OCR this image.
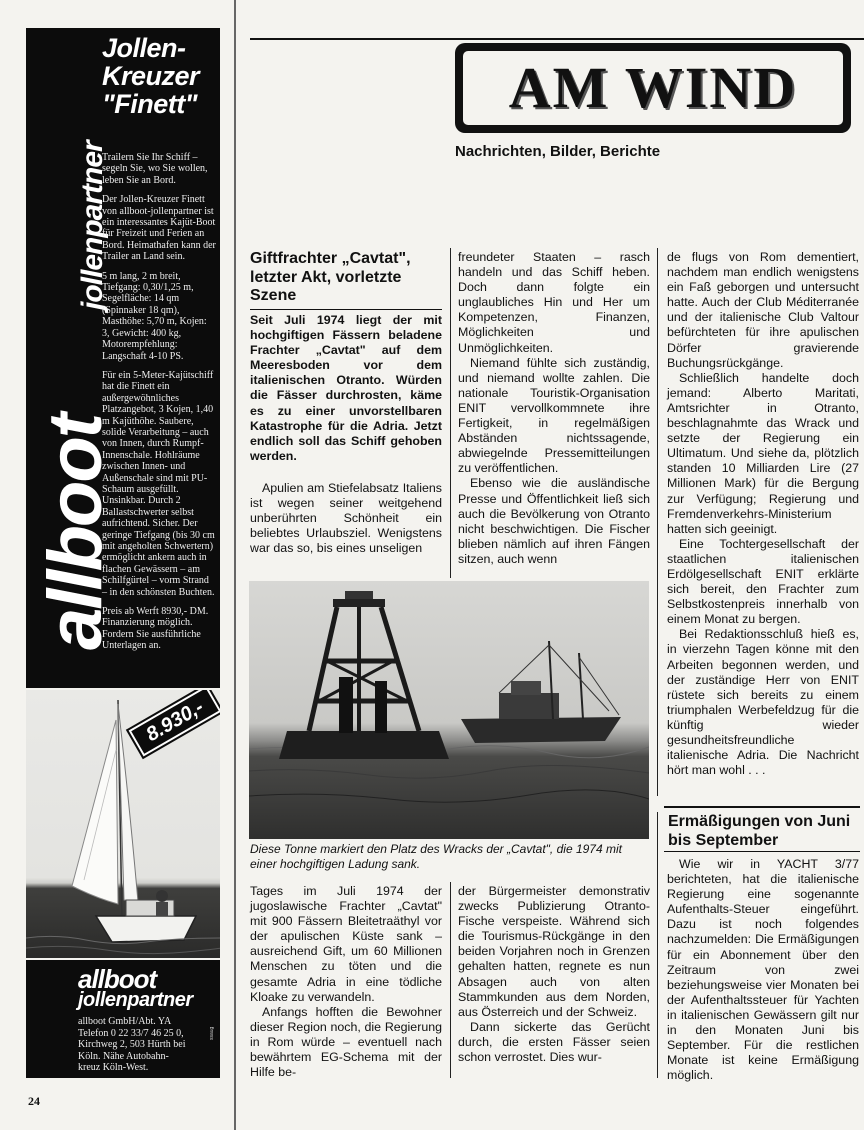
allboot
jollenpartner
Jollen-
Kreuzer
"Finett"

Trailern Sie Ihr Schiff – segeln Sie, wo Sie wollen, leben Sie an Bord.

Der Jollen-Kreuzer Finett von allboot-jollenpartner ist ein interessantes Kajüt-Boot für Freizeit und Ferien an Bord. Heimathafen kann der Trailer an Land sein.

5 m lang, 2 m breit, Tiefgang: 0,30/1,25 m, Segelfläche: 14 qm (Spinnaker 18 qm), Masthöhe: 5,70 m, Kojen: 3, Gewicht: 400 kg, Motorempfehlung: Langschaft 4-10 PS.

Für ein 5-Meter-Kajütschiff hat die Finett ein außergewöhnliches Platzangebot, 3 Kojen, 1,40 m Kajüthöhe. Saubere, solide Verarbeitung – auch von Innen, durch Rumpf-Innenschale. Hohlräume zwischen Innen- und Außenschale sind mit PU-Schaum ausgefüllt. Unsinkbar. Durch 2 Ballastschwerter selbst aufrichtend. Sicher. Der geringe Tiefgang (bis 30 cm mit angeholten Schwertern) ermöglicht ankern auch in flachen Gewässern – am Schilfgürtel – vorm Strand – in den schönsten Buchten.

Preis ab Werft 8930,- DM. Finanzierung möglich. Fordern Sie ausführliche Unterlagen an.

8.930,-
allboot
jollenpartner
allboot GmbH/Abt. YA
Telefon 0 22 33/7 46 25 0,
Kirchweg 2, 503 Hürth bei
Köln. Nähe Autobahn-
kreuz Köln-West.
ssaug
24
AM WIND
Nachrichten, Bilder, Berichte
Giftfrachter „Cavtat", letzter Akt, vorletzte Szene
Seit Juli 1974 liegt der mit hochgiftigen Fässern beladene Frachter „Cavtat" auf dem Meeresboden vor dem italienischen Otranto. Würden die Fässer durchrosten, käme es zu einer unvorstellbaren Katastrophe für die Adria. Jetzt endlich soll das Schiff gehoben werden.

Apulien am Stiefelabsatz Italiens ist wegen seiner weitgehend unberührten Schönheit ein beliebtes Urlaubsziel. Wenigstens war das so, bis eines unseligen

freundeter Staaten – rasch handeln und das Schiff heben. Doch dann folgte ein unglaubliches Hin und Her um Kompetenzen, Finanzen, Möglichkeiten und Unmöglichkeiten.

Niemand fühlte sich zuständig, und niemand wollte zahlen. Die nationale Touristik-Organisation ENIT vervollkommnete ihre Fertigkeit, in regelmäßigen Abständen nichtssagende, abwiegelnde Pressemitteilungen zu veröffentlichen.

Ebenso wie die ausländische Presse und Öffentlichkeit ließ sich auch die Bevölkerung von Otranto nicht beschwichtigen. Die Fischer blieben nämlich auf ihren Fängen sitzen, auch wenn

de flugs von Rom dementiert, nachdem man endlich wenigstens ein Faß geborgen und untersucht hatte. Auch der Club Méditerranée und der italienische Club Valtour befürchteten für ihre apulischen Dörfer gravierende Buchungsrückgänge.

Schließlich handelte doch jemand: Alberto Maritati, Amtsrichter in Otranto, beschlagnahmte das Wrack und setzte der Regierung ein Ultimatum. Und siehe da, plötzlich standen 10 Milliarden Lire (27 Millionen Mark) für die Bergung zur Verfügung; Regierung und Fremdenverkehrs-Ministerium hatten sich geeinigt.

Eine Tochtergesellschaft der staatlichen italienischen Erdölgesellschaft ENIT erklärte sich bereit, den Frachter zum Selbstkostenpreis innerhalb von einem Monat zu bergen.

Bei Redaktionsschluß hieß es, in vierzehn Tagen könne mit den Arbeiten begonnen werden, und der zuständige Herr von ENIT rüstete sich bereits zu einem triumphalen Werbefeldzug für die künftig wieder gesundheitsfreundliche italienische Adria. Die Nachricht hört man wohl . . .

Diese Tonne markiert den Platz des Wracks der „Cavtat", die 1974 mit einer hochgiftigen Ladung sank.

Tages im Juli 1974 der jugoslawische Frachter „Cavtat" mit 900 Fässern Bleitetraäthyl vor der apulischen Küste sank – ausreichend Gift, um 60 Millionen Menschen zu töten und die gesamte Adria in eine tödliche Kloake zu verwandeln.

Anfangs hofften die Bewohner dieser Region noch, die Regierung in Rom würde – eventuell nach bewährtem EG-Schema mit der Hilfe be-

der Bürgermeister demonstrativ zwecks Publizierung Otranto-Fische verspeiste. Während sich die Tourismus-Rückgänge in den beiden Vorjahren noch in Grenzen gehalten hatten, regnete es nun Absagen auch von alten Stammkunden aus dem Norden, aus Österreich und der Schweiz.

Dann sickerte das Gerücht durch, die ersten Fässer seien schon verrostet. Dies wur-

Ermäßigungen von Juni bis September

Wie wir in YACHT 3/77 berichteten, hat die italienische Regierung eine sogenannte Aufenthalts-Steuer eingeführt. Dazu ist noch folgendes nachzumelden: Die Ermäßigungen für ein Abonnement über den Zeitraum von zwei beziehungsweise vier Monaten bei der Aufenthaltssteuer für Yachten in italienischen Gewässern gilt nur in den Monaten Juni bis September. Für die restlichen Monate ist keine Ermäßigung möglich.
